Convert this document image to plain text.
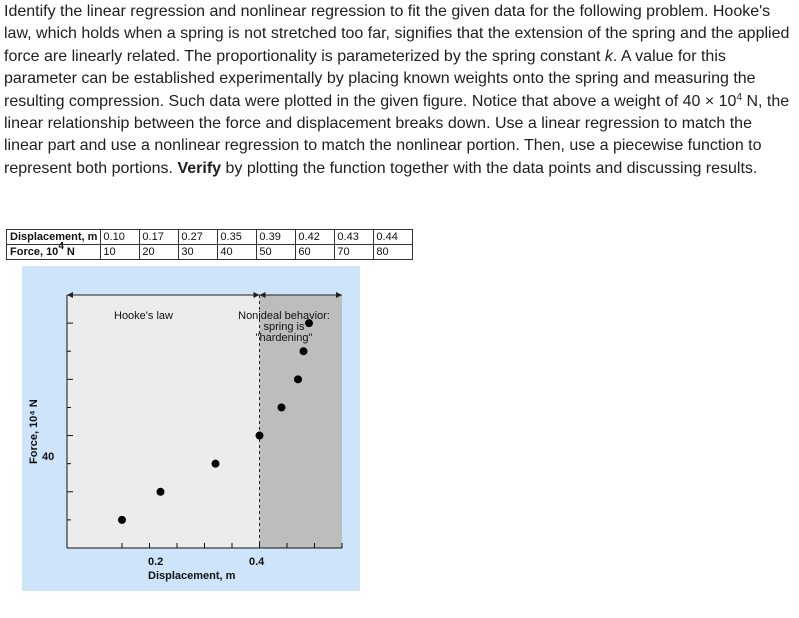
Identify the linear regression and nonlinear regression to fit the given data for the following problem. Hooke's law, which holds when a spring is not stretched too far, signifies that the extension of the spring and the applied force are linearly related. The proportionality is parameterized by the spring constant k. A value for this parameter can be established experimentally by placing known weights onto the spring and measuring the resulting compression. Such data were plotted in the given figure. Notice that above a weight of $40 \times 10^4$ N, the linear relationship between the force and displacement breaks down. Use a linear regression to match the linear part and use a nonlinear regression to match the nonlinear portion. Then, use a piecewise function to represent both portions. Verify by plotting the function together with the data points and discussing results.
Displacement, m	0.10	0.17	0.27	0.35	0.39	0.42	0.43	0.44
Force, 104 N	10	20	30	40	50	60	70	80
Hooke's law	Nonideal behavior:
spring is
"hardening"
Force, 10⁴ N 40
0.2	0.4
Displacement, m
